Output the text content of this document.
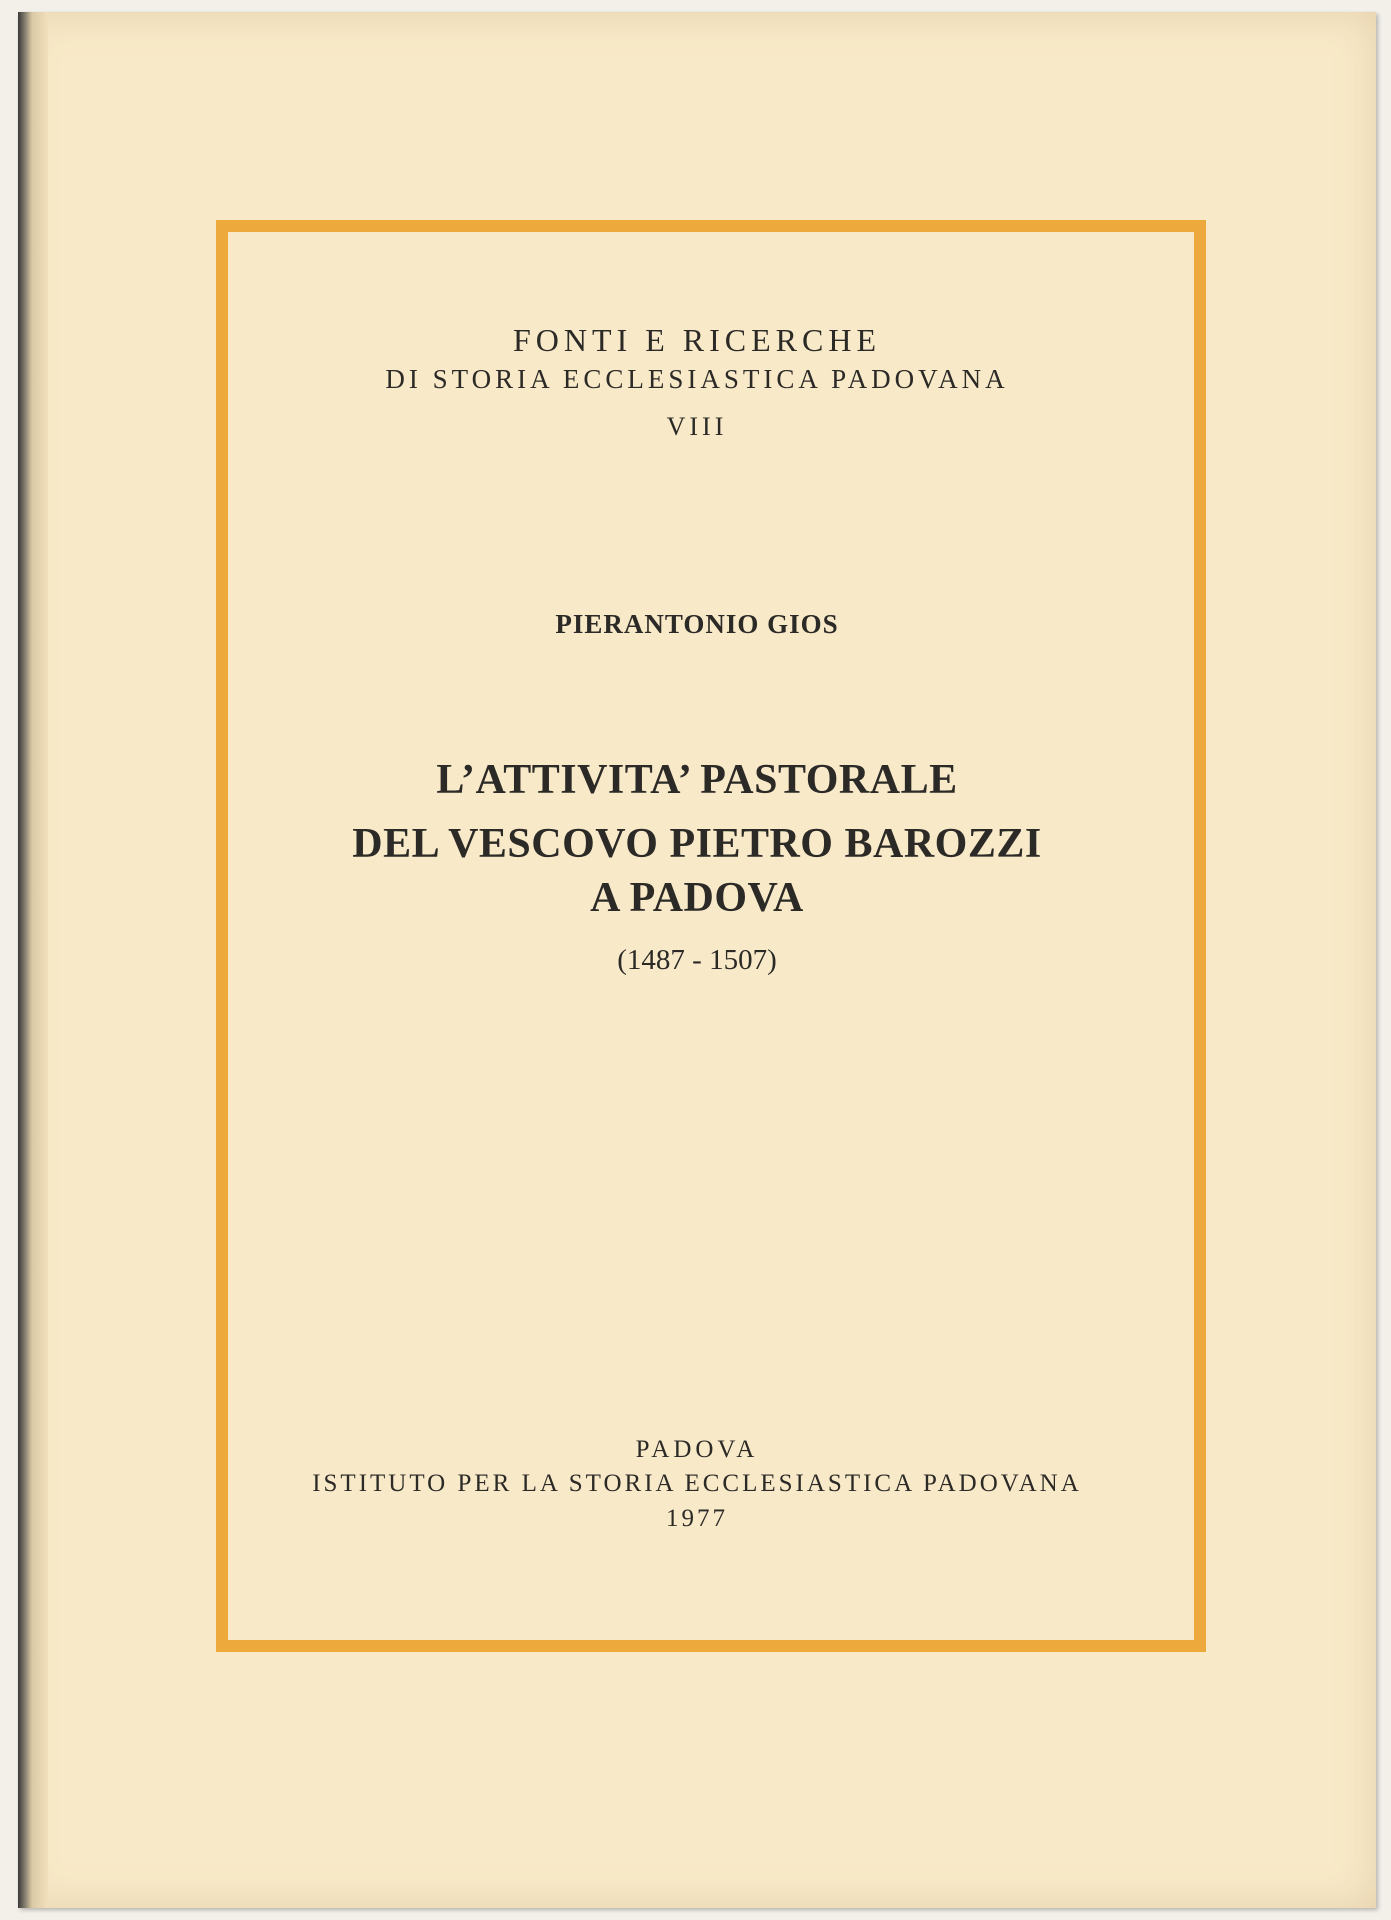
FONTI E RICERCHE
DI STORIA ECCLESIASTICA PADOVANA
VIII
PIERANTONIO GIOS
L’ATTIVITA’ PASTORALE
DEL VESCOVO PIETRO BAROZZI
A PADOVA
(1487 - 1507)
PADOVA
ISTITUTO PER LA STORIA ECCLESIASTICA PADOVANA
1977
